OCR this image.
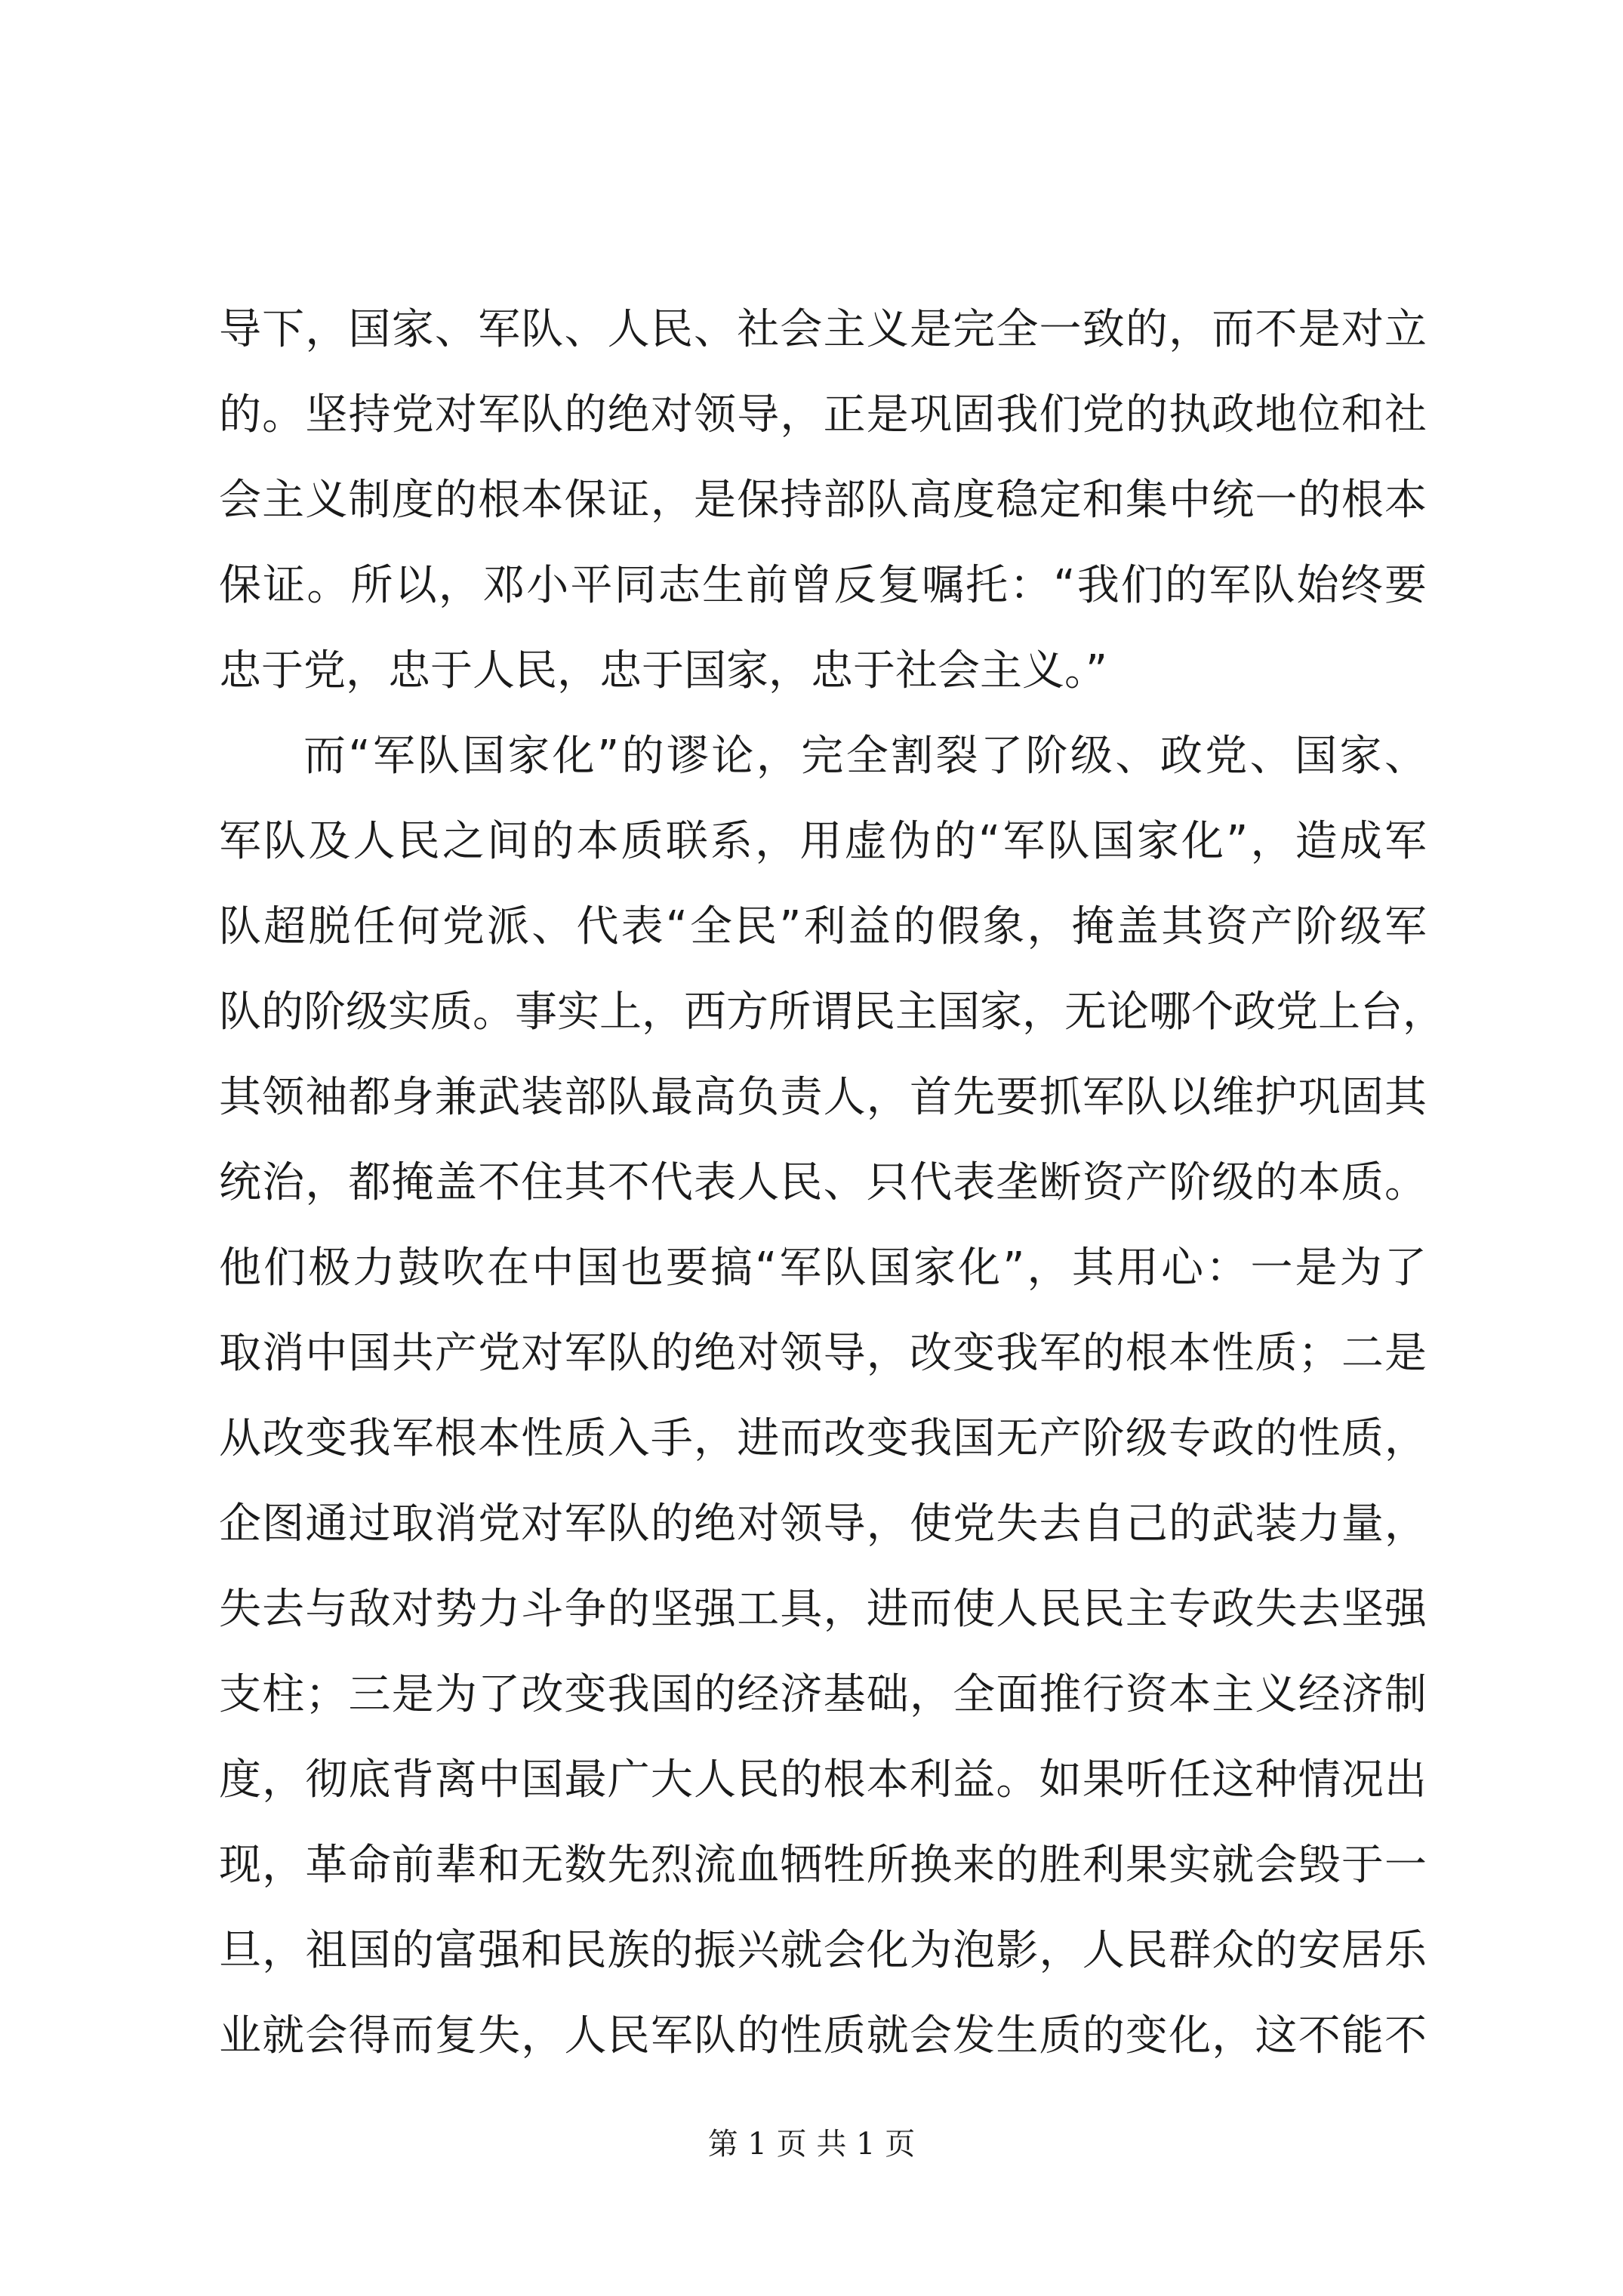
导下，国家、军队、人民、社会主义是完全一致的，而不是对立
的。坚持党对军队的绝对领导，正是巩固我们党的执政地位和社
会主义制度的根本保证，是保持部队高度稳定和集中统一的根本
保证。所以，邓小平同志生前曾反复嘱托：“我们的军队始终要
忠于党，忠于人民，忠于国家，忠于社会主义。”
而“军队国家化”的谬论，完全割裂了阶级、政党、国家、
军队及人民之间的本质联系，用虚伪的“军队国家化”，造成军
队超脱任何党派、代表“全民”利益的假象，掩盖其资产阶级军
队的阶级实质。事实上，西方所谓民主国家，无论哪个政党上台，
其领袖都身兼武装部队最高负责人，首先要抓军队以维护巩固其
统治，都掩盖不住其不代表人民、只代表垄断资产阶级的本质。
他们极力鼓吹在中国也要搞“军队国家化”，其用心：一是为了
取消中国共产党对军队的绝对领导，改变我军的根本性质；二是
从改变我军根本性质入手，进而改变我国无产阶级专政的性质，
企图通过取消党对军队的绝对领导，使党失去自己的武装力量，
失去与敌对势力斗争的坚强工具，进而使人民民主专政失去坚强
支柱；三是为了改变我国的经济基础，全面推行资本主义经济制
度，彻底背离中国最广大人民的根本利益。如果听任这种情况出
现，革命前辈和无数先烈流血牺牲所换来的胜利果实就会毁于一
旦，祖国的富强和民族的振兴就会化为泡影，人民群众的安居乐
业就会得而复失，人民军队的性质就会发生质的变化，这不能不
第 1 页 共 1 页
